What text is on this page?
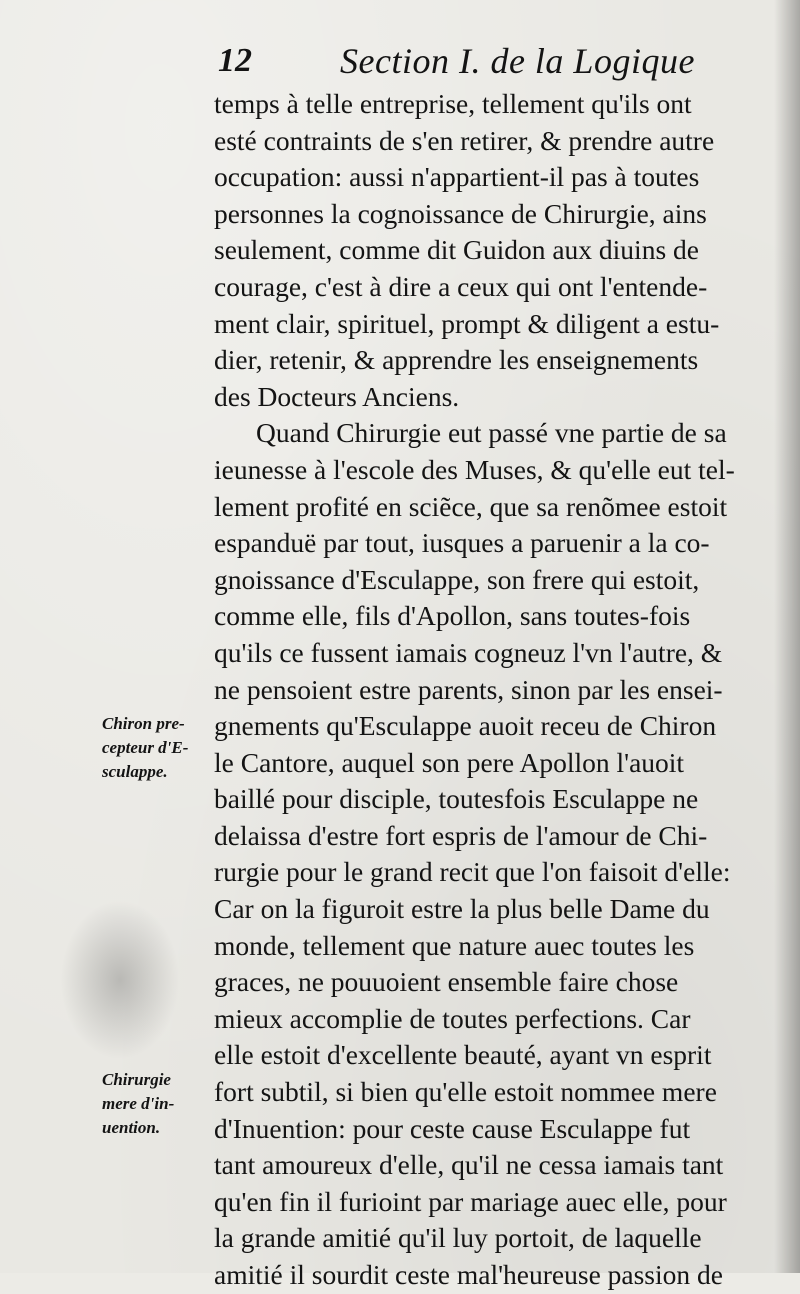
12 Section I. de la Logique
Chiron pre-
cepteur d'E-
sculappe.
Chirurgie
mere d'in-
uention.
temps à telle entreprise, tellement qu'ils ont
esté contraints de s'en retirer, & prendre autre
occupation: aussi n'appartient-il pas à toutes
personnes la cognoissance de Chirurgie, ains
seulement, comme dit Guidon aux diuins de
courage, c'est à dire a ceux qui ont l'entende-
ment clair, spirituel, prompt & diligent a estu-
dier, retenir, & apprendre les enseignements
des Docteurs Anciens.
Quand Chirurgie eut passé vne partie de sa
ieunesse à l'escole des Muses, & qu'elle eut tel-
lement profité en sciẽce, que sa renõmee estoit
espanduë par tout, iusques a paruenir a la co-
gnoissance d'Esculappe, son frere qui estoit,
comme elle, fils d'Apollon, sans toutes-fois
qu'ils ce fussent iamais cogneuz l'vn l'autre, &
ne pensoient estre parents, sinon par les ensei-
gnements qu'Esculappe auoit receu de Chiron
le Cantore, auquel son pere Apollon l'auoit
baillé pour disciple, toutesfois Esculappe ne
delaissa d'estre fort espris de l'amour de Chi-
rurgie pour le grand recit que l'on faisoit d'elle:
Car on la figuroit estre la plus belle Dame du
monde, tellement que nature auec toutes les
graces, ne pouuoient ensemble faire chose
mieux accomplie de toutes perfections. Car
elle estoit d'excellente beauté, ayant vn esprit
fort subtil, si bien qu'elle estoit nommee mere
d'Inuention: pour ceste cause Esculappe fut
tant amoureux d'elle, qu'il ne cessa iamais tant
qu'en fin il furioint par mariage auec elle, pour
la grande amitié qu'il luy portoit, de laquelle
amitié il sourdit ceste mal'heureuse passion de
